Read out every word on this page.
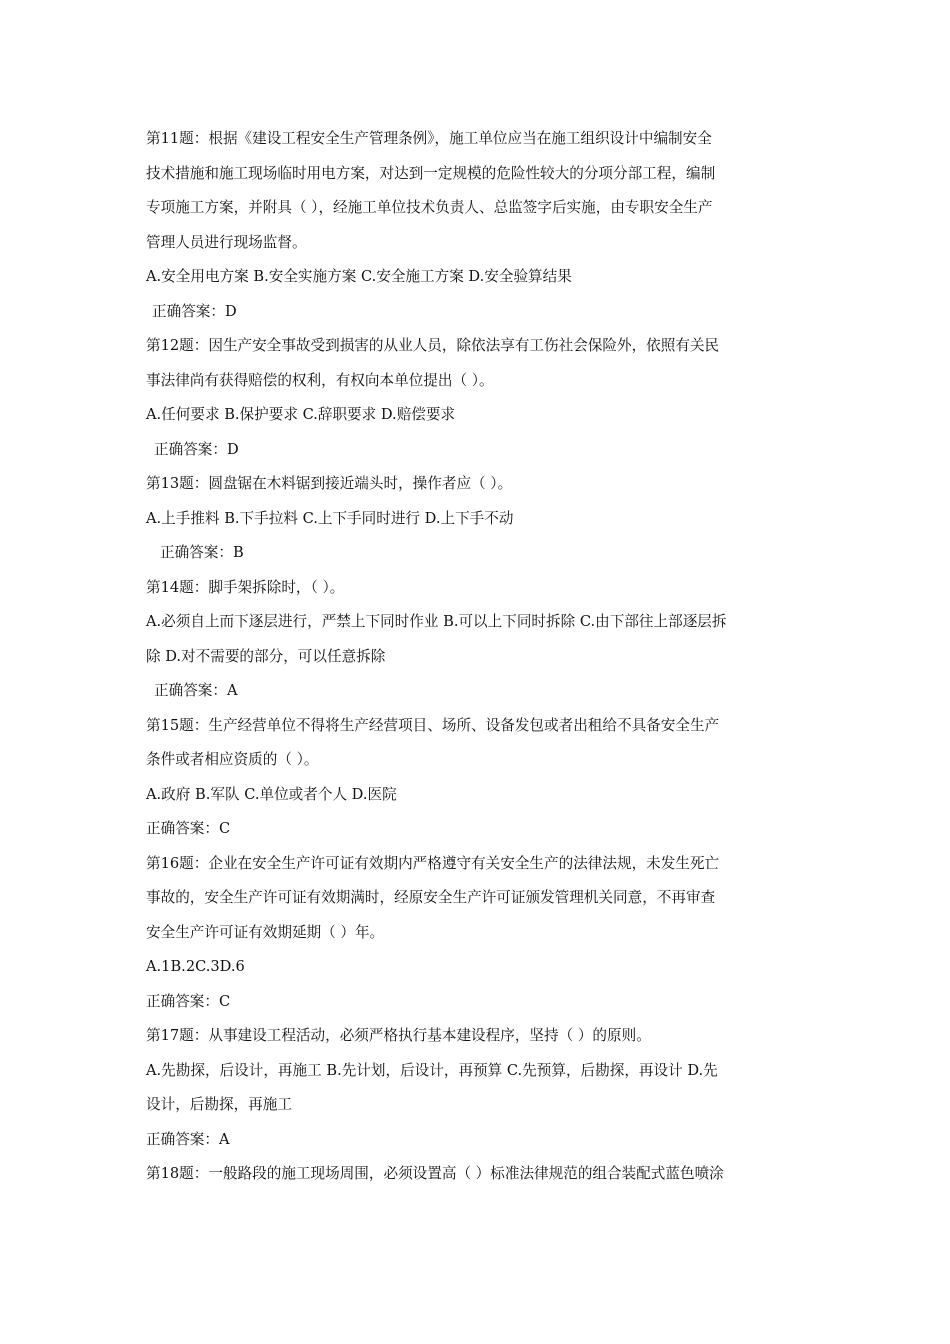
第11题：根据《建设工程安全生产管理条例》，施工单位应当在施工组织设计中编制安全
技术措施和施工现场临时用电方案，对达到一定规模的危险性较大的分项分部工程，编制
专项施工方案，并附具（ ），经施工单位技术负责人、总监签字后实施，由专职安全生产
管理人员进行现场监督。
A.安全用电方案 B.安全实施方案 C.安全施工方案 D.安全验算结果
正确答案：D
第12题：因生产安全事故受到损害的从业人员，除依法享有工伤社会保险外，依照有关民
事法律尚有获得赔偿的权利，有权向本单位提出（ ）。
A.任何要求 B.保护要求 C.辞职要求 D.赔偿要求
正确答案：D
第13题：圆盘锯在木料锯到接近端头时，操作者应（ ）。
A.上手推料 B.下手拉料 C.上下手同时进行 D.上下手不动
正确答案：B
第14题：脚手架拆除时，（ ）。
A.必须自上而下逐层进行，严禁上下同时作业 B.可以上下同时拆除 C.由下部往上部逐层拆
除 D.对不需要的部分，可以任意拆除
正确答案：A
第15题：生产经营单位不得将生产经营项目、场所、设备发包或者出租给不具备安全生产
条件或者相应资质的（ ）。
A.政府 B.军队 C.单位或者个人 D.医院
正确答案：C
第16题：企业在安全生产许可证有效期内严格遵守有关安全生产的法律法规，未发生死亡
事故的，安全生产许可证有效期满时，经原安全生产许可证颁发管理机关同意，不再审查
安全生产许可证有效期延期（ ）年。
A.1B.2C.3D.6
正确答案：C
第17题：从事建设工程活动，必须严格执行基本建设程序，坚持（ ）的原则。
A.先勘探，后设计，再施工 B.先计划，后设计，再预算 C.先预算，后勘探，再设计 D.先
设计，后勘探，再施工
正确答案：A
第18题：一般路段的施工现场周围，必须设置高（ ）标准法律规范的组合装配式蓝色喷涂
